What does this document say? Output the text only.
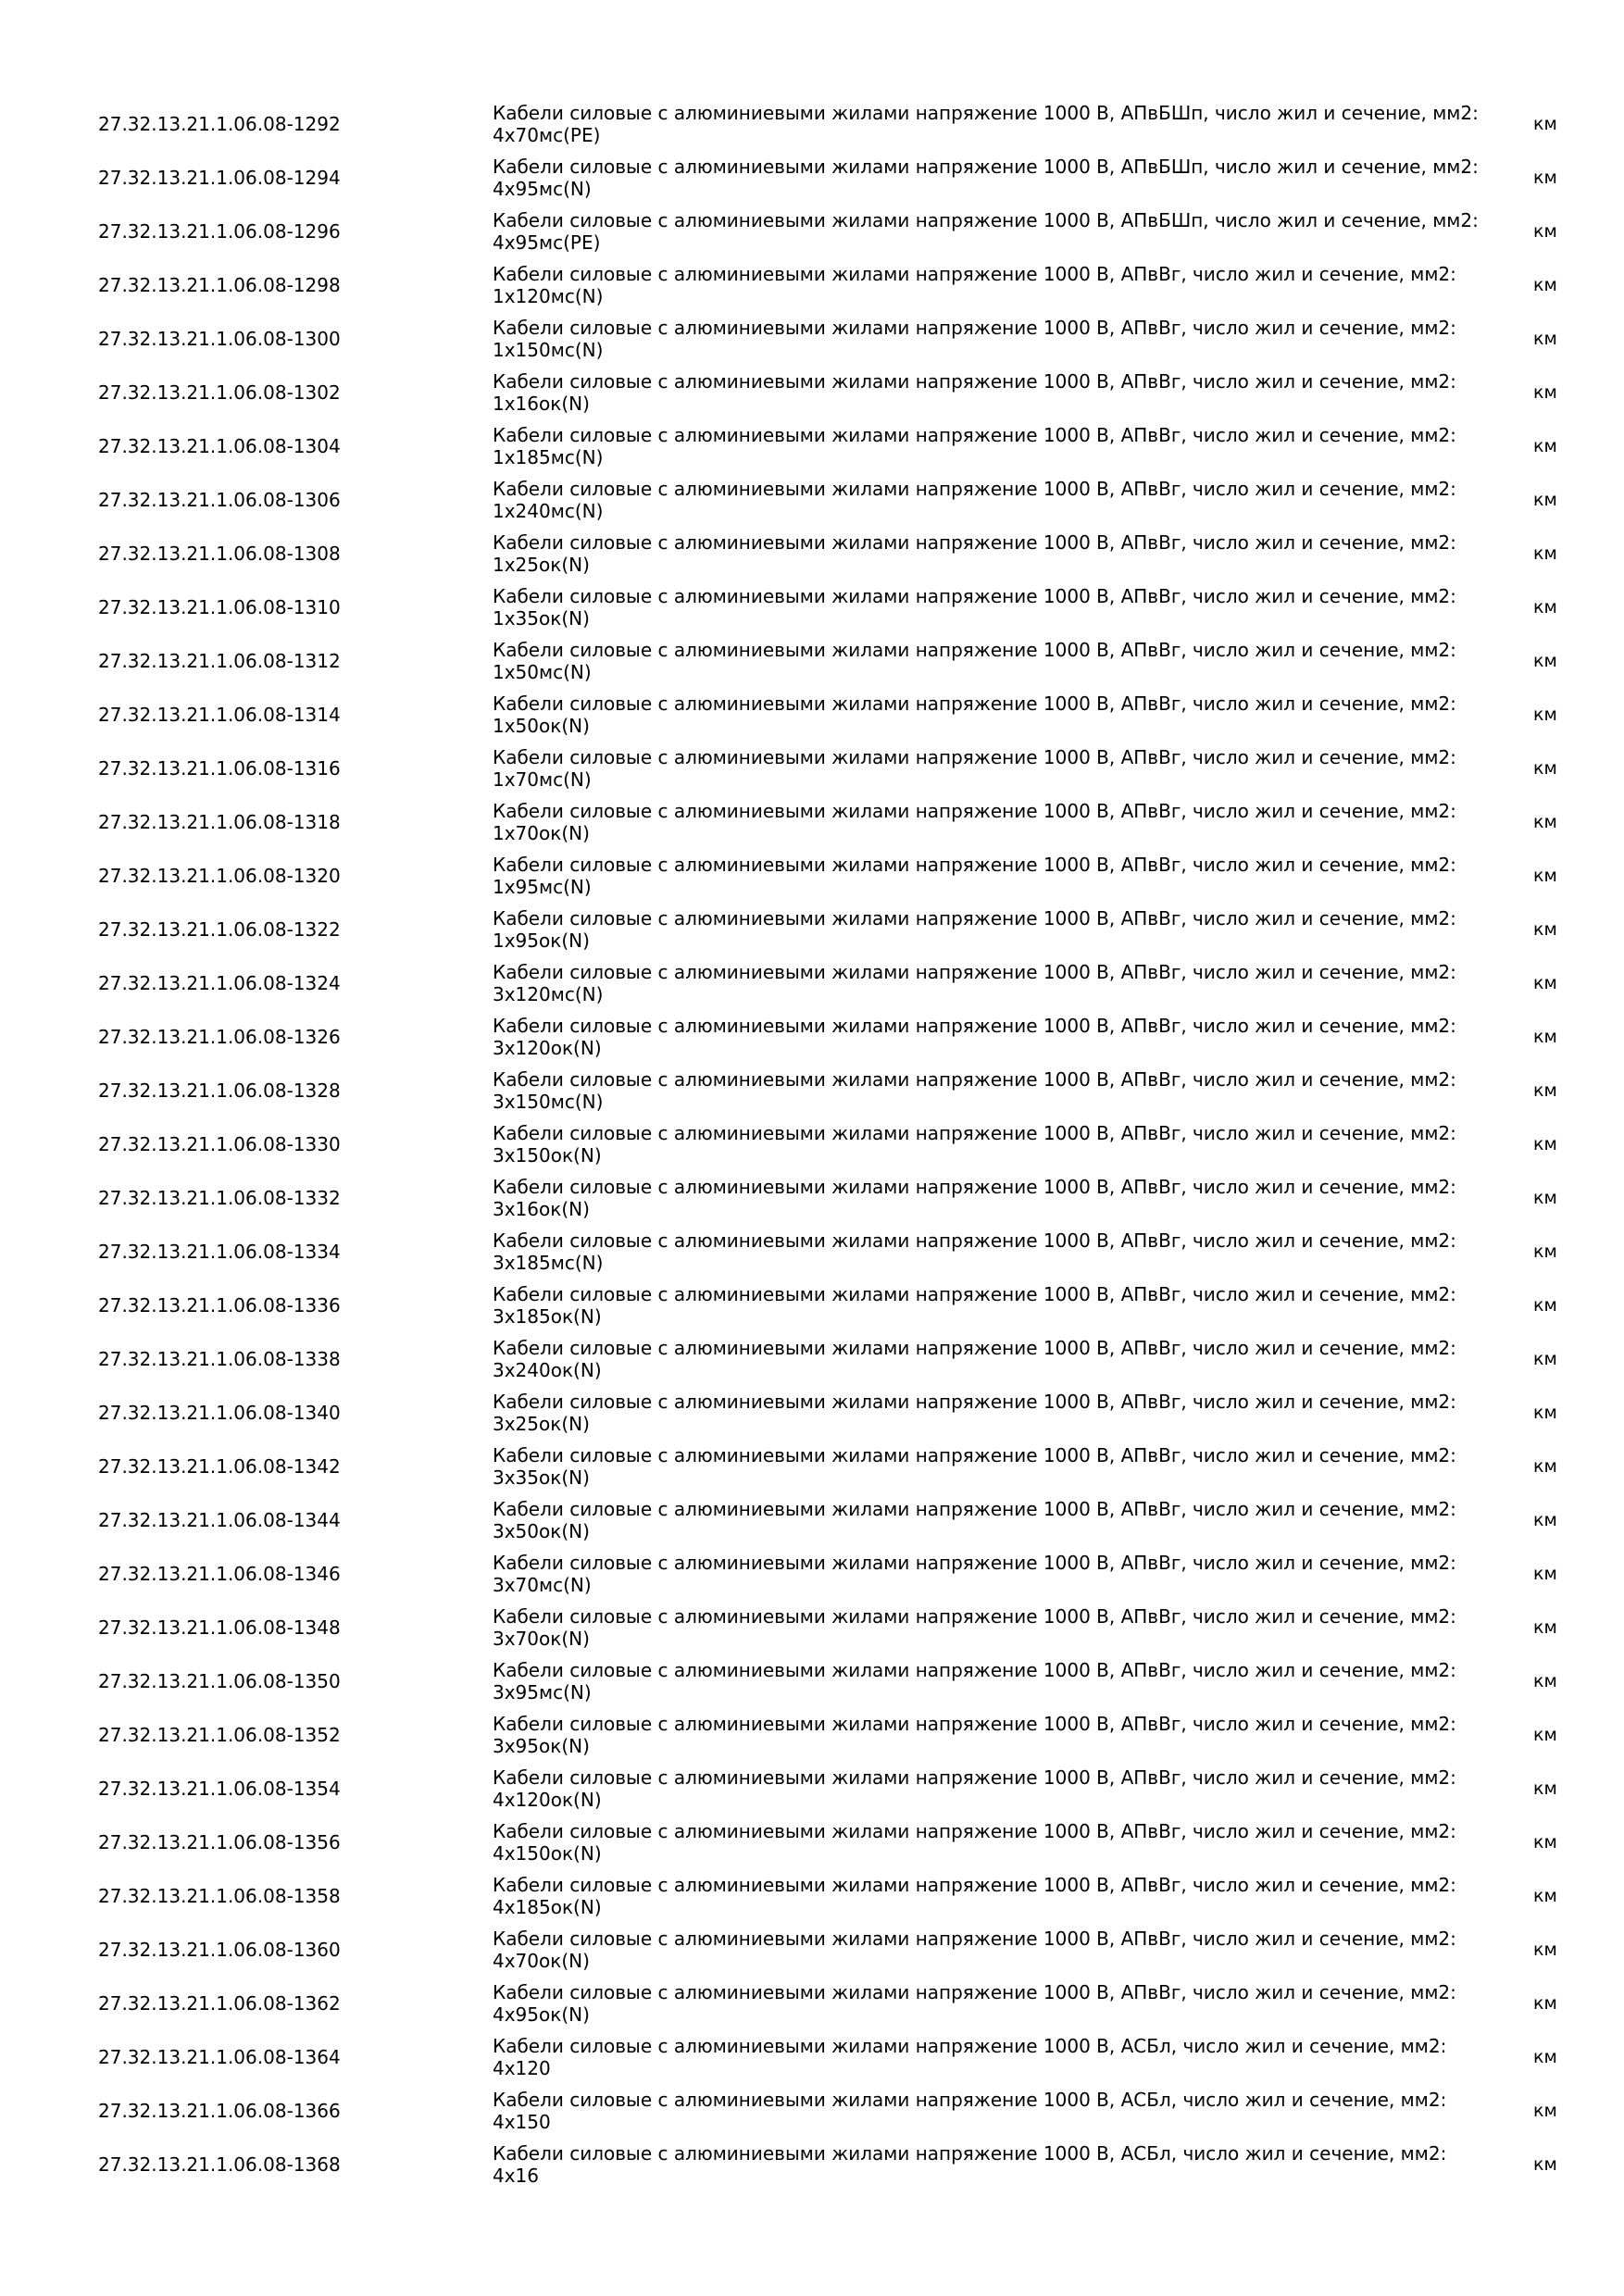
27.32.13.21.1.06.08-1292	Кабели силовые с алюминиевыми жилами напряжение 1000 В, АПвБШп, число жил и сечение, мм2:
4х70мс(PE)	км
27.32.13.21.1.06.08-1294	Кабели силовые с алюминиевыми жилами напряжение 1000 В, АПвБШп, число жил и сечение, мм2:
4х95мс(N)	км
27.32.13.21.1.06.08-1296	Кабели силовые с алюминиевыми жилами напряжение 1000 В, АПвБШп, число жил и сечение, мм2:
4х95мс(PE)	км
27.32.13.21.1.06.08-1298	Кабели силовые с алюминиевыми жилами напряжение 1000 В, АПвВг, число жил и сечение, мм2:
1х120мс(N)	км
27.32.13.21.1.06.08-1300	Кабели силовые с алюминиевыми жилами напряжение 1000 В, АПвВг, число жил и сечение, мм2:
1х150мс(N)	км
27.32.13.21.1.06.08-1302	Кабели силовые с алюминиевыми жилами напряжение 1000 В, АПвВг, число жил и сечение, мм2:
1х16ок(N)	км
27.32.13.21.1.06.08-1304	Кабели силовые с алюминиевыми жилами напряжение 1000 В, АПвВг, число жил и сечение, мм2:
1х185мс(N)	км
27.32.13.21.1.06.08-1306	Кабели силовые с алюминиевыми жилами напряжение 1000 В, АПвВг, число жил и сечение, мм2:
1х240мс(N)	км
27.32.13.21.1.06.08-1308	Кабели силовые с алюминиевыми жилами напряжение 1000 В, АПвВг, число жил и сечение, мм2:
1х25ок(N)	км
27.32.13.21.1.06.08-1310	Кабели силовые с алюминиевыми жилами напряжение 1000 В, АПвВг, число жил и сечение, мм2:
1х35ок(N)	км
27.32.13.21.1.06.08-1312	Кабели силовые с алюминиевыми жилами напряжение 1000 В, АПвВг, число жил и сечение, мм2:
1х50мс(N)	км
27.32.13.21.1.06.08-1314	Кабели силовые с алюминиевыми жилами напряжение 1000 В, АПвВг, число жил и сечение, мм2:
1х50ок(N)	км
27.32.13.21.1.06.08-1316	Кабели силовые с алюминиевыми жилами напряжение 1000 В, АПвВг, число жил и сечение, мм2:
1х70мс(N)	км
27.32.13.21.1.06.08-1318	Кабели силовые с алюминиевыми жилами напряжение 1000 В, АПвВг, число жил и сечение, мм2:
1х70ок(N)	км
27.32.13.21.1.06.08-1320	Кабели силовые с алюминиевыми жилами напряжение 1000 В, АПвВг, число жил и сечение, мм2:
1х95мс(N)	км
27.32.13.21.1.06.08-1322	Кабели силовые с алюминиевыми жилами напряжение 1000 В, АПвВг, число жил и сечение, мм2:
1х95ок(N)	км
27.32.13.21.1.06.08-1324	Кабели силовые с алюминиевыми жилами напряжение 1000 В, АПвВг, число жил и сечение, мм2:
3х120мс(N)	км
27.32.13.21.1.06.08-1326	Кабели силовые с алюминиевыми жилами напряжение 1000 В, АПвВг, число жил и сечение, мм2:
3х120ок(N)	км
27.32.13.21.1.06.08-1328	Кабели силовые с алюминиевыми жилами напряжение 1000 В, АПвВг, число жил и сечение, мм2:
3х150мс(N)	км
27.32.13.21.1.06.08-1330	Кабели силовые с алюминиевыми жилами напряжение 1000 В, АПвВг, число жил и сечение, мм2:
3х150ок(N)	км
27.32.13.21.1.06.08-1332	Кабели силовые с алюминиевыми жилами напряжение 1000 В, АПвВг, число жил и сечение, мм2:
3х16ок(N)	км
27.32.13.21.1.06.08-1334	Кабели силовые с алюминиевыми жилами напряжение 1000 В, АПвВг, число жил и сечение, мм2:
3х185мс(N)	км
27.32.13.21.1.06.08-1336	Кабели силовые с алюминиевыми жилами напряжение 1000 В, АПвВг, число жил и сечение, мм2:
3х185ок(N)	км
27.32.13.21.1.06.08-1338	Кабели силовые с алюминиевыми жилами напряжение 1000 В, АПвВг, число жил и сечение, мм2:
3х240ок(N)	км
27.32.13.21.1.06.08-1340	Кабели силовые с алюминиевыми жилами напряжение 1000 В, АПвВг, число жил и сечение, мм2:
3х25ок(N)	км
27.32.13.21.1.06.08-1342	Кабели силовые с алюминиевыми жилами напряжение 1000 В, АПвВг, число жил и сечение, мм2:
3х35ок(N)	км
27.32.13.21.1.06.08-1344	Кабели силовые с алюминиевыми жилами напряжение 1000 В, АПвВг, число жил и сечение, мм2:
3х50ок(N)	км
27.32.13.21.1.06.08-1346	Кабели силовые с алюминиевыми жилами напряжение 1000 В, АПвВг, число жил и сечение, мм2:
3х70мс(N)	км
27.32.13.21.1.06.08-1348	Кабели силовые с алюминиевыми жилами напряжение 1000 В, АПвВг, число жил и сечение, мм2:
3х70ок(N)	км
27.32.13.21.1.06.08-1350	Кабели силовые с алюминиевыми жилами напряжение 1000 В, АПвВг, число жил и сечение, мм2:
3х95мс(N)	км
27.32.13.21.1.06.08-1352	Кабели силовые с алюминиевыми жилами напряжение 1000 В, АПвВг, число жил и сечение, мм2:
3х95ок(N)	км
27.32.13.21.1.06.08-1354	Кабели силовые с алюминиевыми жилами напряжение 1000 В, АПвВг, число жил и сечение, мм2:
4х120ок(N)	км
27.32.13.21.1.06.08-1356	Кабели силовые с алюминиевыми жилами напряжение 1000 В, АПвВг, число жил и сечение, мм2:
4х150ок(N)	км
27.32.13.21.1.06.08-1358	Кабели силовые с алюминиевыми жилами напряжение 1000 В, АПвВг, число жил и сечение, мм2:
4х185ок(N)	км
27.32.13.21.1.06.08-1360	Кабели силовые с алюминиевыми жилами напряжение 1000 В, АПвВг, число жил и сечение, мм2:
4х70ок(N)	км
27.32.13.21.1.06.08-1362	Кабели силовые с алюминиевыми жилами напряжение 1000 В, АПвВг, число жил и сечение, мм2:
4х95ок(N)	км
27.32.13.21.1.06.08-1364	Кабели силовые с алюминиевыми жилами напряжение 1000 В, АСБл, число жил и сечение, мм2:
4х120	км
27.32.13.21.1.06.08-1366	Кабели силовые с алюминиевыми жилами напряжение 1000 В, АСБл, число жил и сечение, мм2:
4х150	км
27.32.13.21.1.06.08-1368	Кабели силовые с алюминиевыми жилами напряжение 1000 В, АСБл, число жил и сечение, мм2:
4х16	км
